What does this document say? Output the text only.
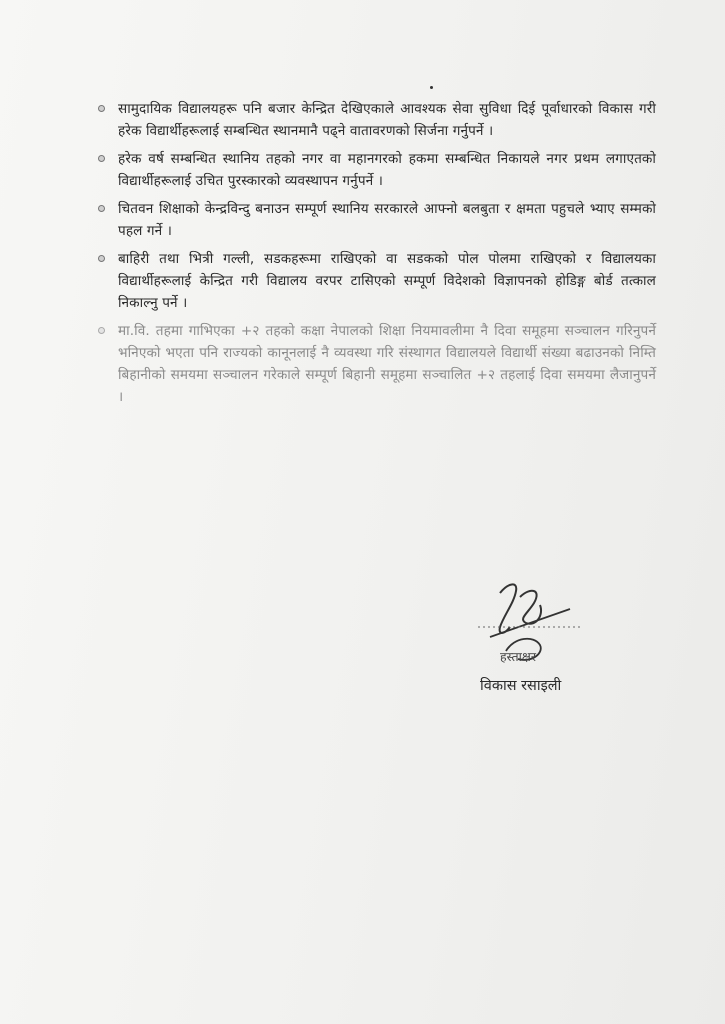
सामुदायिक विद्यालयहरू पनि बजार केन्द्रित देखिएकाले आवश्यक सेवा सुविधा दिई पूर्वाधारको विकास गरी हरेक विद्यार्थीहरूलाई सम्बन्धित स्थानमानै पढ्ने वातावरणको सिर्जना गर्नुपर्ने ।
हरेक वर्ष सम्बन्धित स्थानिय तहको नगर वा महानगरको हकमा सम्बन्धित निकायले नगर प्रथम लगाएतको विद्यार्थीहरूलाई उचित पुरस्कारको व्यवस्थापन गर्नुपर्ने ।
चितवन शिक्षाको केन्द्रविन्दु बनाउन सम्पूर्ण स्थानिय सरकारले आफ्नो बलबुता र क्षमता पहुचले भ्याए सम्मको पहल गर्ने ।
बाहिरी तथा भित्री गल्ली, सडकहरूमा राखिएको वा सडकको पोल पोलमा राखिएको र विद्यालयका विद्यार्थीहरूलाई केन्द्रित गरी विद्यालय वरपर टासिएको सम्पूर्ण विदेशको विज्ञापनको होडिङ्ग बोर्ड तत्काल निकाल्नु पर्ने ।
मा.वि. तहमा गाभिएका +२ तहको कक्षा नेपालको शिक्षा नियमावलीमा नै दिवा समूहमा सञ्चालन गरिनुपर्ने भनिएको भएता पनि राज्यको कानूनलाई नै व्यवस्था गरि संस्थागत विद्यालयले विद्यार्थी संख्या बढाउनको निम्ति बिहानीको समयमा सञ्चालन गरेकाले सम्पूर्ण बिहानी समूहमा सञ्चालित +२ तहलाई दिवा समयमा लैजानुपर्ने ।
हस्ताक्षर
विकास रसाइली
